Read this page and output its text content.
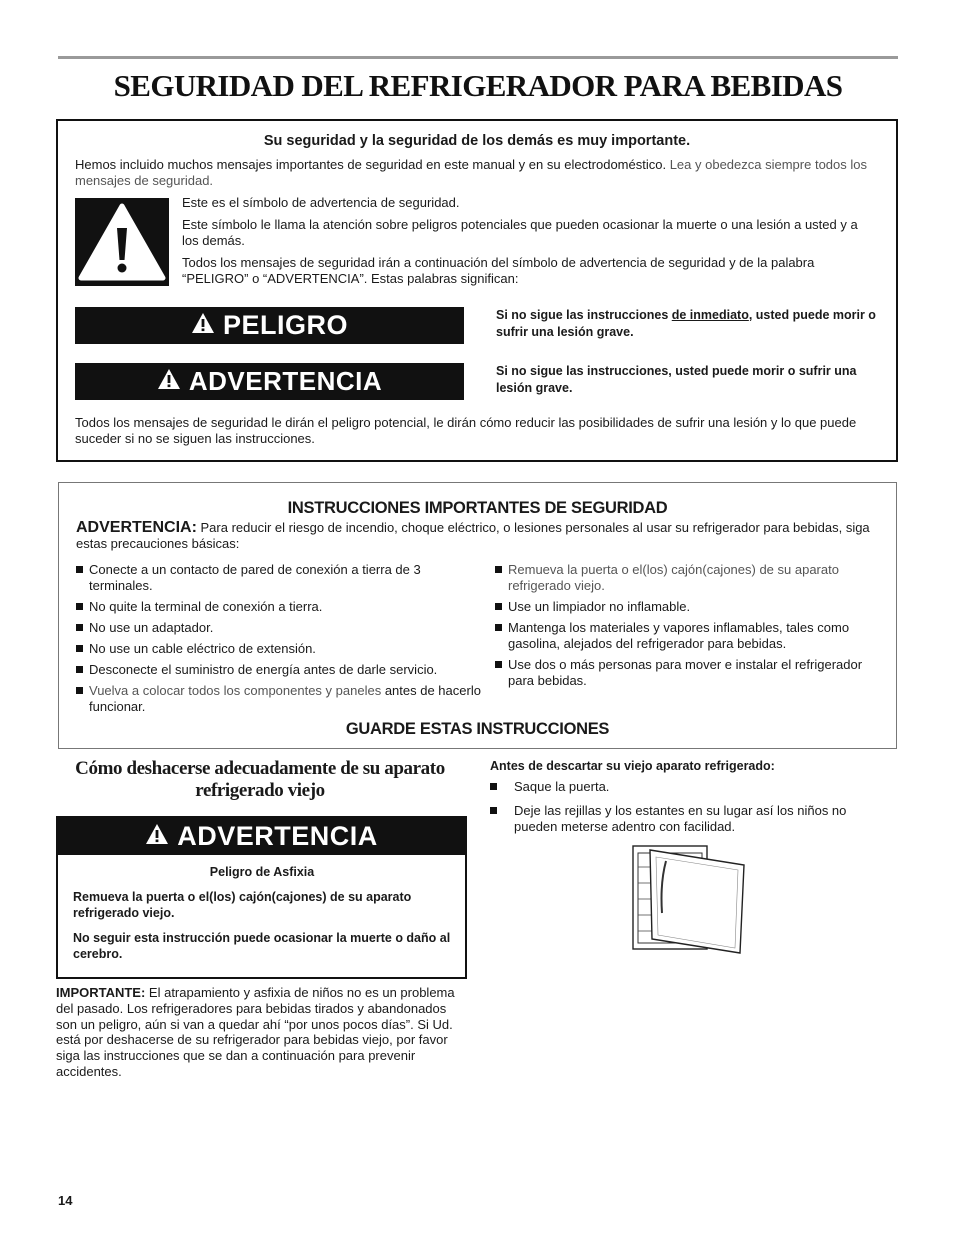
SEGURIDAD DEL REFRIGERADOR PARA BEBIDAS
Su seguridad y la seguridad de los demás es muy importante.
Hemos incluido muchos mensajes importantes de seguridad en este manual y en su electrodoméstico. Lea y obedezca siempre todos los mensajes de seguridad.
Este es el símbolo de advertencia de seguridad.
Este símbolo le llama la atención sobre peligros potenciales que pueden ocasionar la muerte o una lesión a usted y a los demás.
Todos los mensajes de seguridad irán a continuación del símbolo de advertencia de seguridad y de la palabra “PELIGRO” o “ADVERTENCIA”. Estas palabras significan:
PELIGRO	Si no sigue las instrucciones de inmediato, usted puede morir o sufrir una lesión grave.
ADVERTENCIA	Si no sigue las instrucciones, usted puede morir o sufrir una lesión grave.
Todos los mensajes de seguridad le dirán el peligro potencial, le dirán cómo reducir las posibilidades de sufrir una lesión y lo que puede suceder si no se siguen las instrucciones.
INSTRUCCIONES IMPORTANTES DE SEGURIDAD
ADVERTENCIA: Para reducir el riesgo de incendio, choque eléctrico, o lesiones personales al usar su refrigerador para bebidas, siga estas precauciones básicas:
Conecte a un contacto de pared de conexión a tierra de 3 terminales.
No quite la terminal de conexión a tierra.
No use un adaptador.
No use un cable eléctrico de extensión.
Desconecte el suministro de energía antes de darle servicio.
Vuelva a colocar todos los componentes y paneles antes de hacerlo funcionar.
Remueva la puerta o el(los) cajón(cajones) de su aparato refrigerado viejo.
Use un limpiador no inflamable.
Mantenga los materiales y vapores inflamables, tales como gasolina, alejados del refrigerador para bebidas.
Use dos o más personas para mover e instalar el refrigerador para bebidas.
GUARDE ESTAS INSTRUCCIONES
Cómo deshacerse adecuadamente de su aparato refrigerado viejo
ADVERTENCIA
Peligro de Asfixia
Remueva la puerta o el(los) cajón(cajones) de su aparato refrigerado viejo.
No seguir esta instrucción puede ocasionar la muerte o daño al cerebro.
IMPORTANTE: El atrapamiento y asfixia de niños no es un problema del pasado. Los refrigeradores para bebidas tirados y abandonados son un peligro, aún si van a quedar ahí “por unos pocos días”. Si Ud. está por deshacerse de su refrigerador para bebidas viejo, por favor siga las instrucciones que se dan a continuación para prevenir accidentes.
Antes de descartar su viejo aparato refrigerado:
Saque la puerta.
Deje las rejillas y los estantes en su lugar así los niños no pueden meterse adentro con facilidad.
14
